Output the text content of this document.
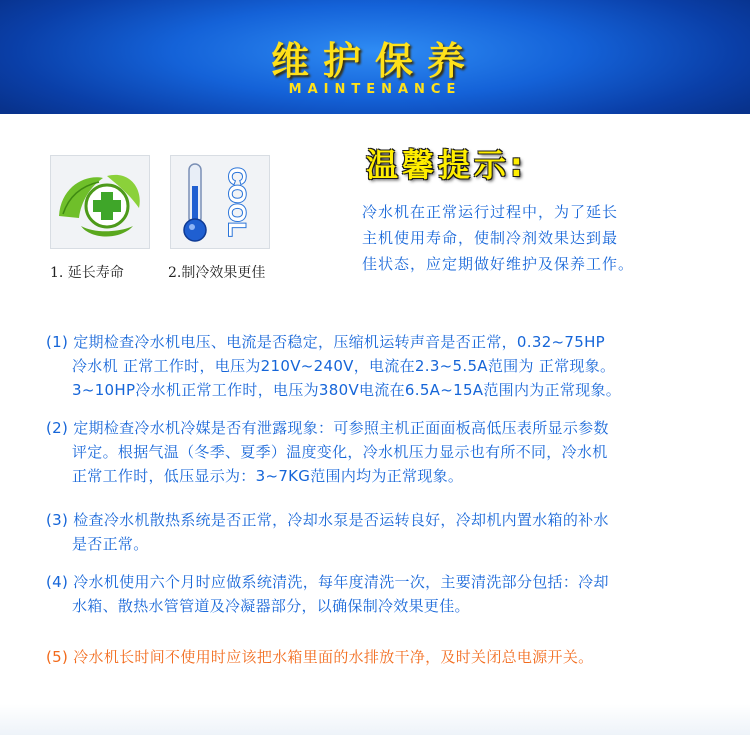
维护保养
MAINTENANCE
COOL
1. 延长寿命	2.制冷效果更佳
温馨提示:
冷水机在正常运行过程中，为了延长
主机使用寿命，使制冷剂效果达到最
佳状态，应定期做好维护及保养工作。
(1) 定期检查冷水机电压、电流是否稳定，压缩机运转声音是否正常，0.32~75HP
冷水机 正常工作时，电压为210V~240V，电流在2.3~5.5A范围为 正常现象。
3~10HP冷水机正常工作时，电压为380V电流在6.5A~15A范围内为正常现象。
(2) 定期检查冷水机冷媒是否有泄露现象：可参照主机正面面板高低压表所显示参数
评定。根据气温（冬季、夏季）温度变化，冷水机压力显示也有所不同，冷水机
正常工作时，低压显示为：3~7KG范围内均为正常现象。
(3) 检查冷水机散热系统是否正常，冷却水泵是否运转良好，冷却机内置水箱的补水
是否正常。
(4) 冷水机使用六个月时应做系统清洗，每年度清洗一次，主要清洗部分包括：冷却
水箱、散热水管管道及冷凝器部分，以确保制冷效果更佳。
(5) 冷水机长时间不使用时应该把水箱里面的水排放干净，及时关闭总电源开关。
